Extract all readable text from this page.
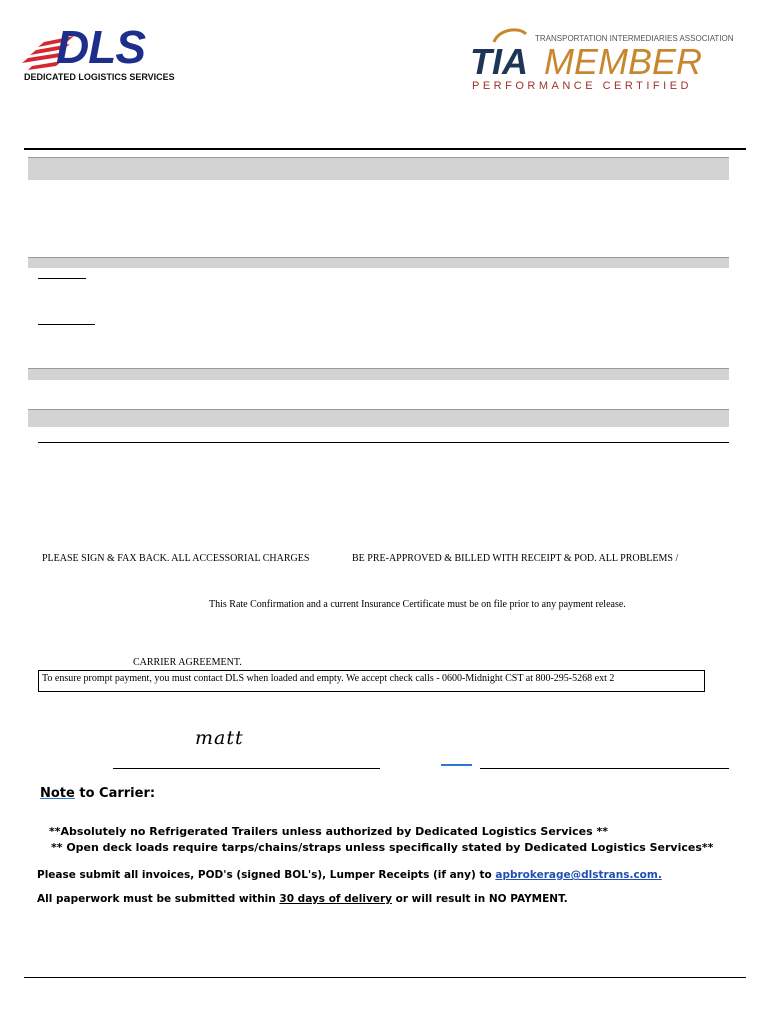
DLS
DEDICATED LOGISTICS SERVICES
TRANSPORTATION INTERMEDIARIES ASSOCIATION
TIA MEMBER
PERFORMANCE CERTIFIED
PLEASE SIGN & FAX BACK. ALL ACCESSORIAL CHARGES	BE PRE-APPROVED & BILLED WITH RECEIPT & POD. ALL PROBLEMS /
This Rate Confirmation and a current Insurance Certificate must be on file prior to any payment release.
CARRIER AGREEMENT.
To ensure prompt payment, you must contact DLS when loaded and empty. We accept check calls - 0600-Midnight CST at 800-295-5268 ext 2
matt
Note to Carrier:
**Absolutely no Refrigerated Trailers unless authorized by Dedicated Logistics Services **
** Open deck loads require tarps/chains/straps unless specifically stated by Dedicated Logistics Services**
Please submit all invoices, POD's (signed BOL's), Lumper Receipts (if any) to apbrokerage@dlstrans.com.
All paperwork must be submitted within 30 days of delivery or will result in NO PAYMENT.
